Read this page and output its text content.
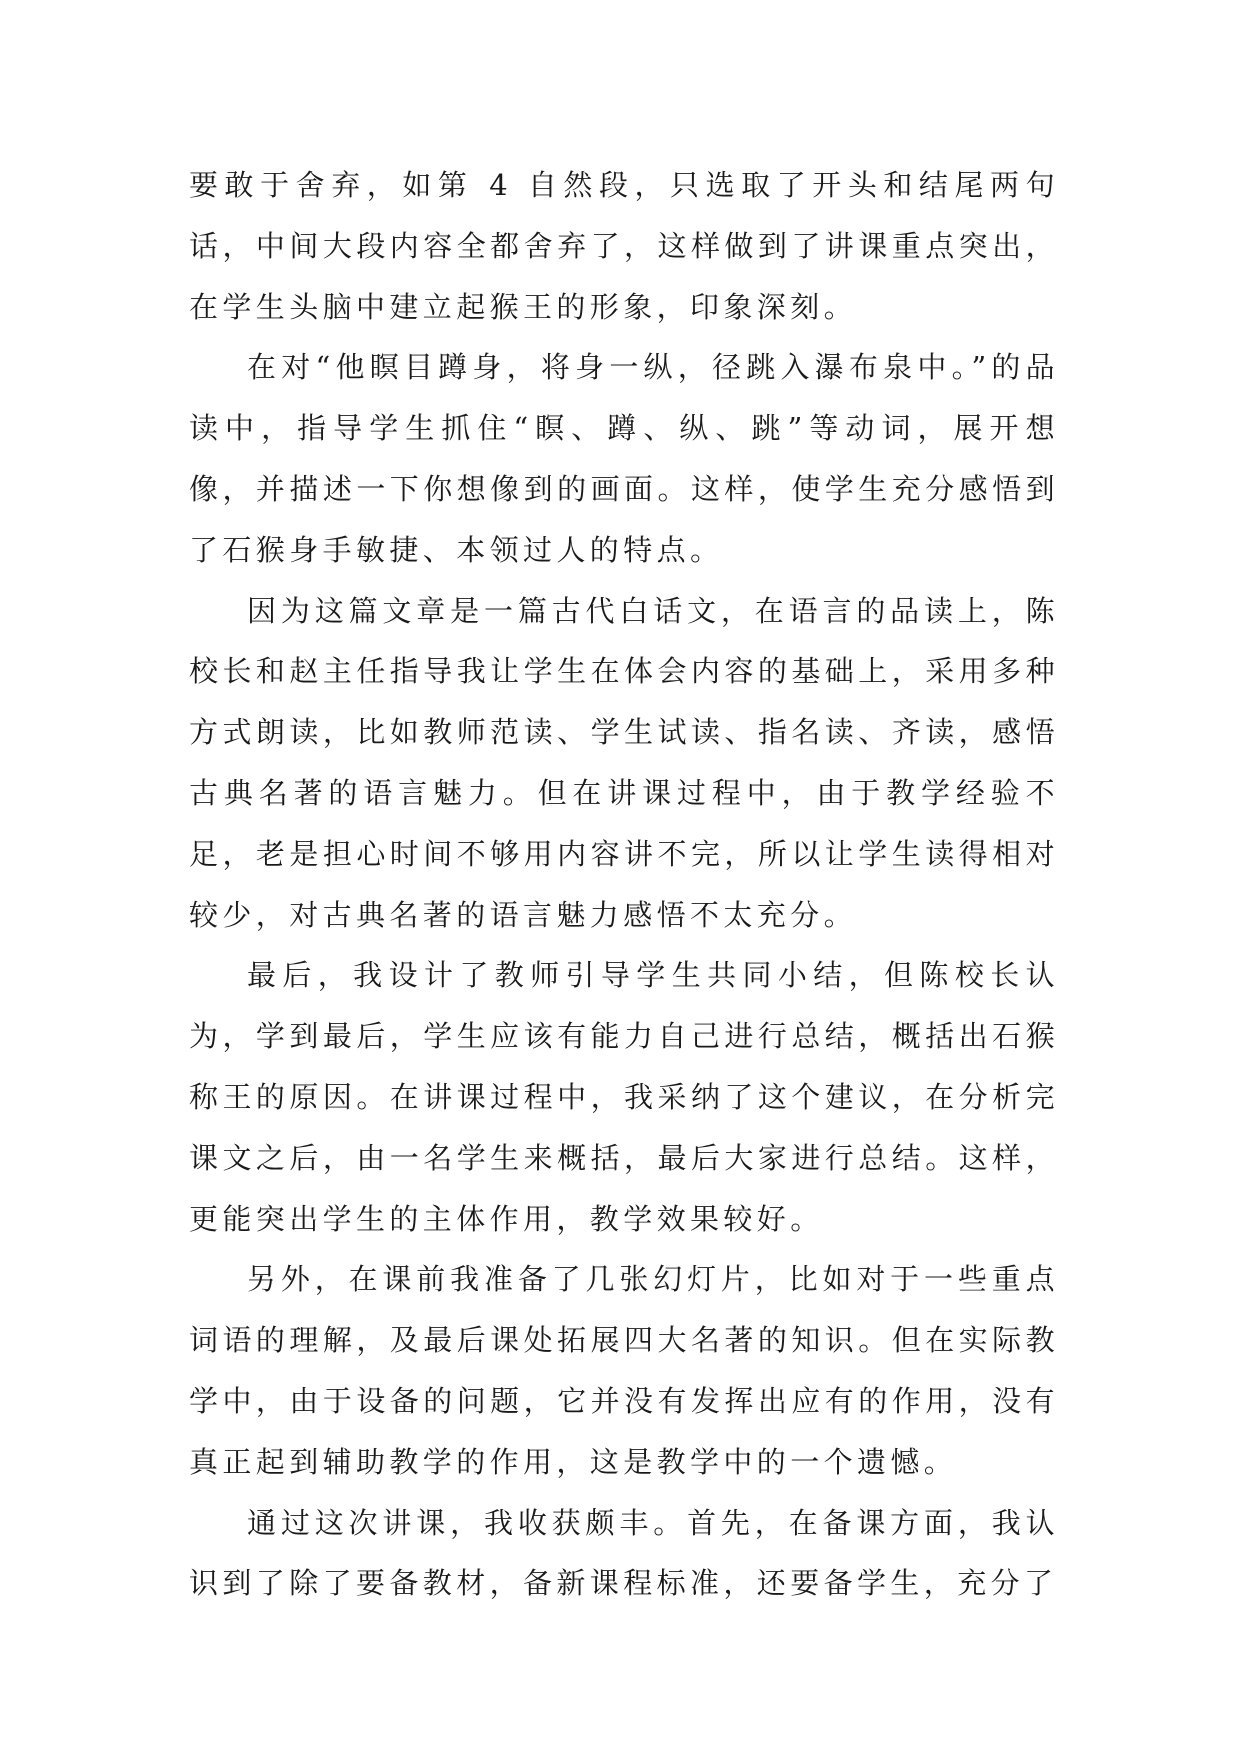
要敢于舍弃，如第 4 自然段，只选取了开头和结尾两句话，中间大段内容全都舍弃了，这样做到了讲课重点突出，在学生头脑中建立起猴王的形象，印象深刻。

在对“他瞑目蹲身，将身一纵，径跳入瀑布泉中。”的品读中，指导学生抓住“瞑、蹲、纵、跳”等动词，展开想像，并描述一下你想像到的画面。这样，使学生充分感悟到了石猴身手敏捷、本领过人的特点。

因为这篇文章是一篇古代白话文，在语言的品读上，陈校长和赵主任指导我让学生在体会内容的基础上，采用多种方式朗读，比如教师范读、学生试读、指名读、齐读，感悟古典名著的语言魅力。但在讲课过程中，由于教学经验不足，老是担心时间不够用内容讲不完，所以让学生读得相对较少，对古典名著的语言魅力感悟不太充分。

最后，我设计了教师引导学生共同小结，但陈校长认为，学到最后，学生应该有能力自己进行总结，概括出石猴称王的原因。在讲课过程中，我采纳了这个建议，在分析完课文之后，由一名学生来概括，最后大家进行总结。这样，更能突出学生的主体作用，教学效果较好。

另外，在课前我准备了几张幻灯片，比如对于一些重点词语的理解，及最后课处拓展四大名著的知识。但在实际教学中，由于设备的问题，它并没有发挥出应有的作用，没有真正起到辅助教学的作用，这是教学中的一个遗憾。

通过这次讲课，我收获颇丰。首先，在备课方面，我认识到了除了要备教材，备新课程标准，还要备学生，充分了
